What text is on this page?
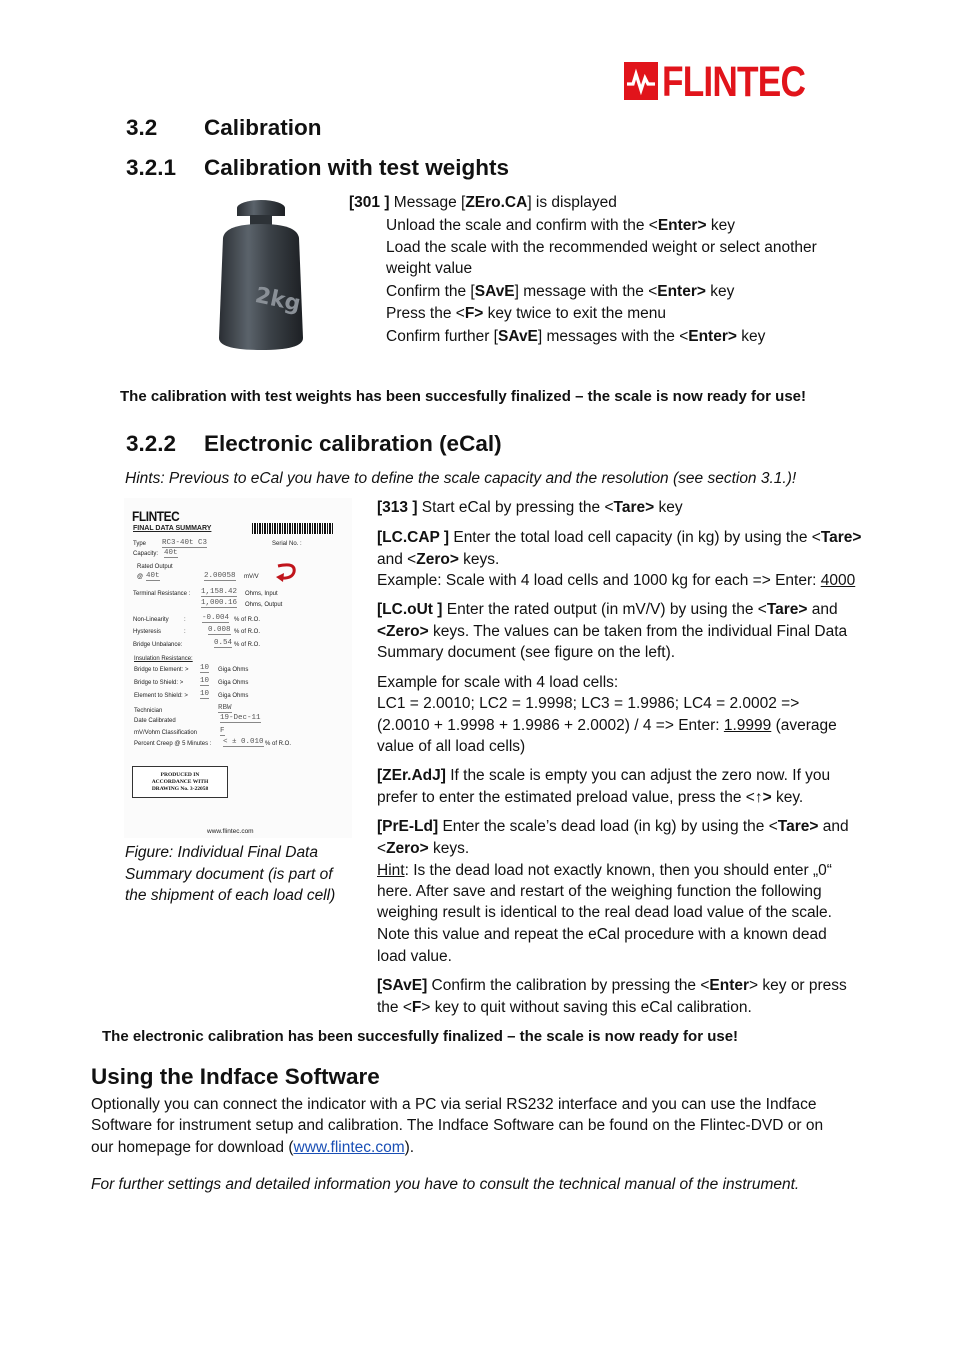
FLINTEC
3.2 Calibration
3.2.1 Calibration with test weights
2kg
[301 ] Message [ZEro.CA] is displayed
Unload the scale and confirm with the <Enter> key
Load the scale with the recommended weight or select another
weight value
Confirm the [SAvE] message with the <Enter> key
Press the <F> key twice to exit the menu
Confirm further [SAvE] messages with the <Enter> key
The calibration with test weights has been succesfully finalized – the scale is now ready for use!
3.2.2 Electronic calibration (eCal)
Hints: Previous to eCal you have to define the scale capacity and the resolution (see section 3.1.)!
FLINTEC
FINAL DATA SUMMARY
Serial No. :
Type RC3-40t C3
Capacity: 40t
Rated Output
@ 40t	2.00058 mV/V
Terminal Resistance : 1,158.42 Ohms, Input
1,000.16 Ohms, Output
Non-Linearity	: -0.004 % of R.O.
Hysteresis	:	0.008 % of R.O.
Bridge Unbalance:	0.54 % of R.O.
Insulation Resistance:
Bridge to Element: > 10 Giga Ohms
Bridge to Shield: > 10 Giga Ohms
Element to Shield: > 10 Giga Ohms
Technician	RBW
Date Calibrated	19-Dec-11
mV/Vohm Classification	F
Percent Creep @ 5 Minutes : < ± 0.010 % of R.O.
PRODUCED IN
ACCORDANCE WITH
DRAWING No. 3-22058
www.flintec.com
Figure: Individual Final Data
Summary document (is part of
the shipment of each load cell)
[313 ] Start eCal by pressing the <Tare> key
[LC.CAP ] Enter the total load cell capacity (in kg) by using the <Tare>
and <Zero> keys.
Example: Scale with 4 load cells and 1000 kg for each => Enter: 4000
[LC.oUt ] Enter the rated output (in mV/V) by using the <Tare> and
<Zero> keys. The values can be taken from the individual Final Data
Summary document (see figure on the left).
Example for scale with 4 load cells:
LC1 = 2.0010; LC2 = 1.9998; LC3 = 1.9986; LC4 = 2.0002 =>
(2.0010 + 1.9998 + 1.9986 + 2.0002) / 4 => Enter: 1.9999 (average
value of all load cells)
[ZEr.AdJ] If the scale is empty you can adjust the zero now. If you
prefer to enter the estimated preload value, press the <↑> key.
[PrE-Ld] Enter the scale’s dead load (in kg) by using the <Tare> and
<Zero> keys.
Hint: Is the dead load not exactly known, then you should enter „0“
here. After save and restart of the weighing function the following
weighing result is identical to the real dead load value of the scale.
Note this value and repeat the eCal procedure with a known dead
load value.
[SAvE] Confirm the calibration by pressing the <Enter> key or press
the <F> key to quit without saving this eCal calibration.
The electronic calibration has been succesfully finalized – the scale is now ready for use!
Using the Indface Software
Optionally you can connect the indicator with a PC via serial RS232 interface and you can use the Indface
Software for instrument setup and calibration. The Indface Software can be found on the Flintec-DVD or on
our homepage for download (www.flintec.com).
For further settings and detailed information you have to consult the technical manual of the instrument.
